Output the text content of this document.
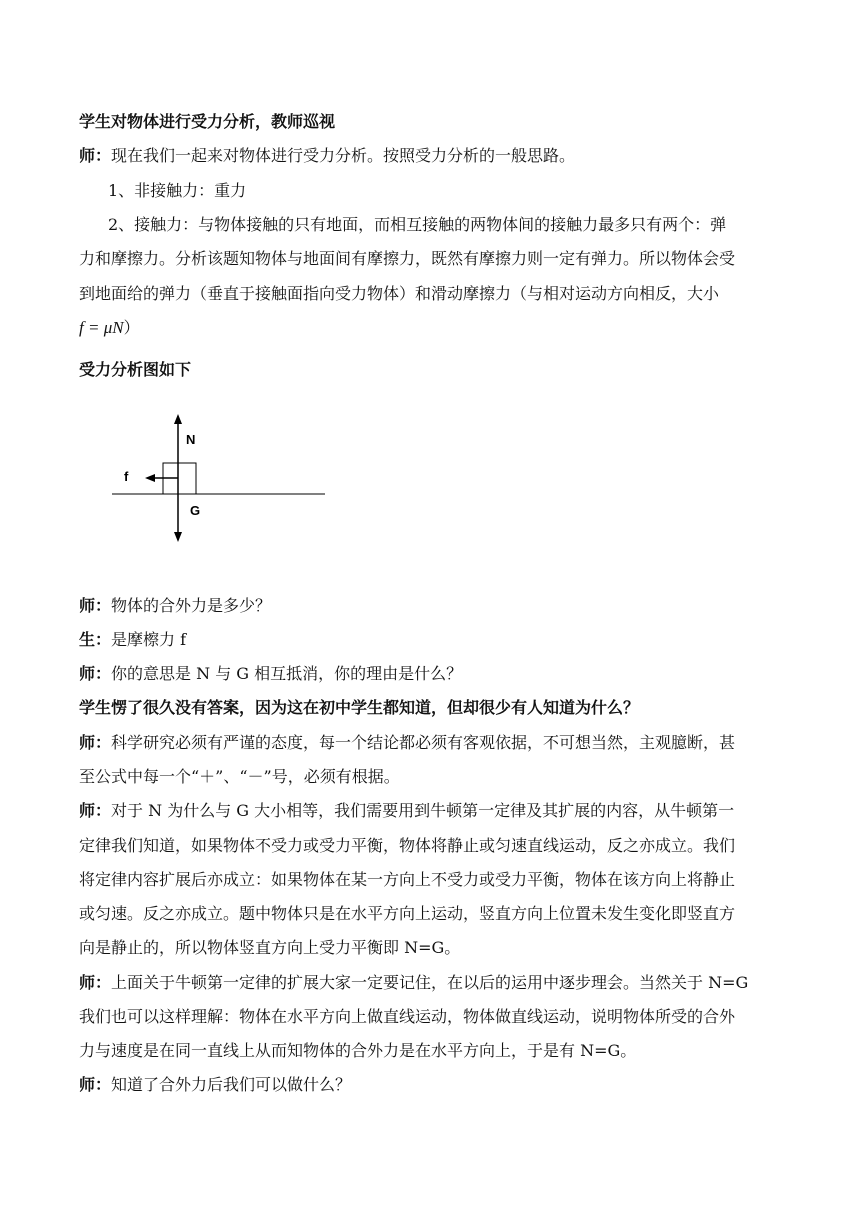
学生对物体进行受力分析，教师巡视
师：现在我们一起来对物体进行受力分析。按照受力分析的一般思路。
1、非接触力：重力
2、接触力：与物体接触的只有地面，而相互接触的两物体间的接触力最多只有两个：弹
力和摩擦力。分析该题知物体与地面间有摩擦力，既然有摩擦力则一定有弹力。所以物体会受
到地面给的弹力（垂直于接触面指向受力物体）和滑动摩擦力（与相对运动方向相反，大小
f = μN）
受力分析图如下
N
f
G
师：物体的合外力是多少？
生：是摩檫力 f
师：你的意思是 N 与 G 相互抵消，你的理由是什么？
学生愣了很久没有答案，因为这在初中学生都知道，但却很少有人知道为什么？
师：科学研究必须有严谨的态度，每一个结论都必须有客观依据，不可想当然，主观臆断，甚
至公式中每一个“＋”、“－”号，必须有根据。
师：对于 N 为什么与 G 大小相等，我们需要用到牛顿第一定律及其扩展的内容，从牛顿第一
定律我们知道，如果物体不受力或受力平衡，物体将静止或匀速直线运动，反之亦成立。我们
将定律内容扩展后亦成立：如果物体在某一方向上不受力或受力平衡，物体在该方向上将静止
或匀速。反之亦成立。题中物体只是在水平方向上运动，竖直方向上位置未发生变化即竖直方
向是静止的，所以物体竖直方向上受力平衡即 N=G。
师：上面关于牛顿第一定律的扩展大家一定要记住，在以后的运用中逐步理会。当然关于 N=G
我们也可以这样理解：物体在水平方向上做直线运动，物体做直线运动，说明物体所受的合外
力与速度是在同一直线上从而知物体的合外力是在水平方向上，于是有 N=G。
师：知道了合外力后我们可以做什么？
